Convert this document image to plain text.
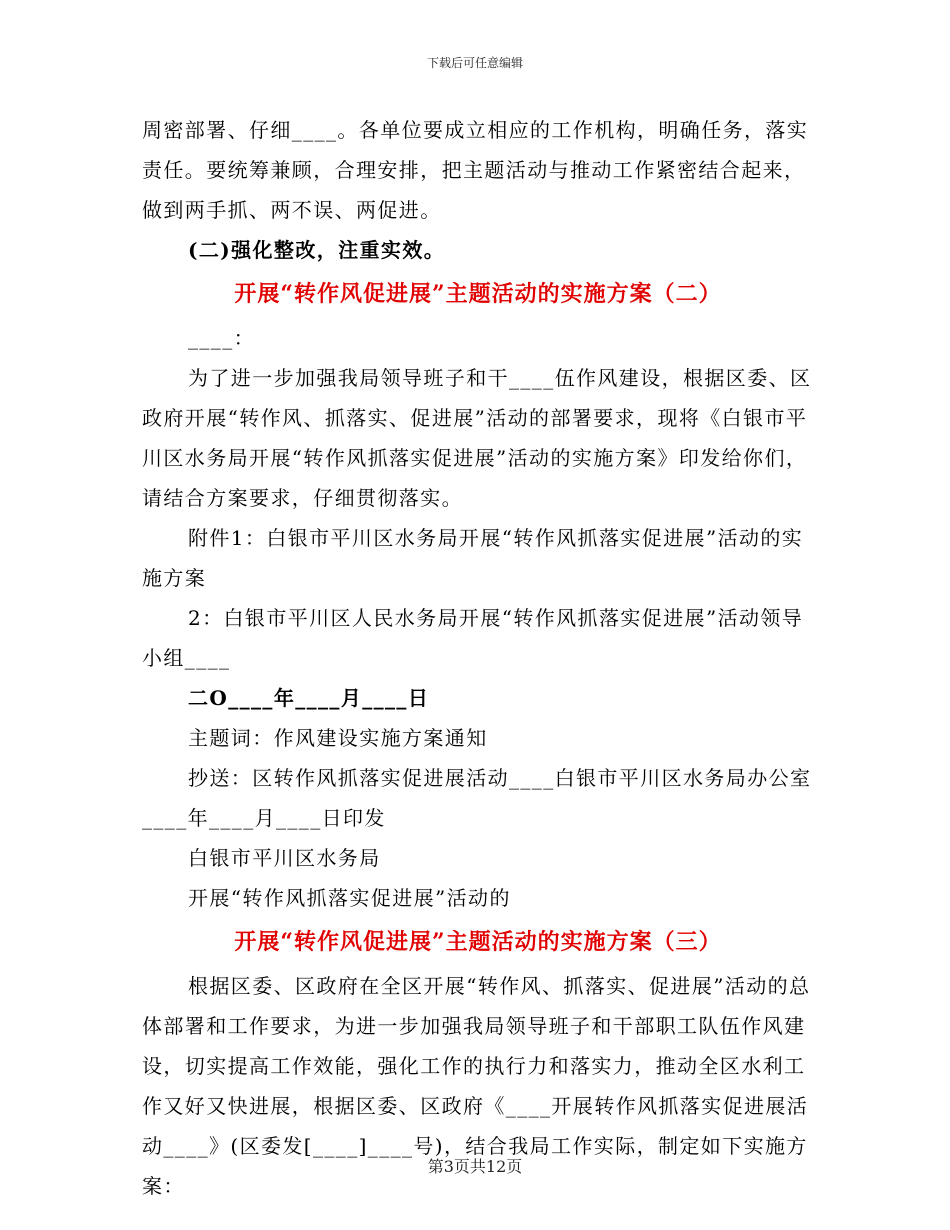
下载后可任意编辑

周密部署、仔细____。各单位要成立相应的工作机构，明确任务，落实责任。要统筹兼顾，合理安排，把主题活动与推动工作紧密结合起来，做到两手抓、两不误、两促进。

(二)强化整改，注重实效。

开展“转作风促进展”主题活动的实施方案（二）

____：

为了进一步加强我局领导班子和干____伍作风建设，根据区委、区政府开展“转作风、抓落实、促进展”活动的部署要求，现将《白银市平川区水务局开展“转作风抓落实促进展”活动的实施方案》印发给你们，请结合方案要求，仔细贯彻落实。

附件1：白银市平川区水务局开展“转作风抓落实促进展”活动的实施方案

2：白银市平川区人民水务局开展“转作风抓落实促进展”活动领导小组____

二O____年____月____日

主题词：作风建设实施方案通知

抄送：区转作风抓落实促进展活动____白银市平川区水务局办公室____年____月____日印发

白银市平川区水务局

开展“转作风抓落实促进展”活动的

开展“转作风促进展”主题活动的实施方案（三）

根据区委、区政府在全区开展“转作风、抓落实、促进展”活动的总体部署和工作要求，为进一步加强我局领导班子和干部职工队伍作风建设，切实提高工作效能，强化工作的执行力和落实力，推动全区水利工作又好又快进展，根据区委、区政府《____开展转作风抓落实促进展活动____》(区委发[____]____号)，结合我局工作实际，制定如下实施方案：

第3页共12页
